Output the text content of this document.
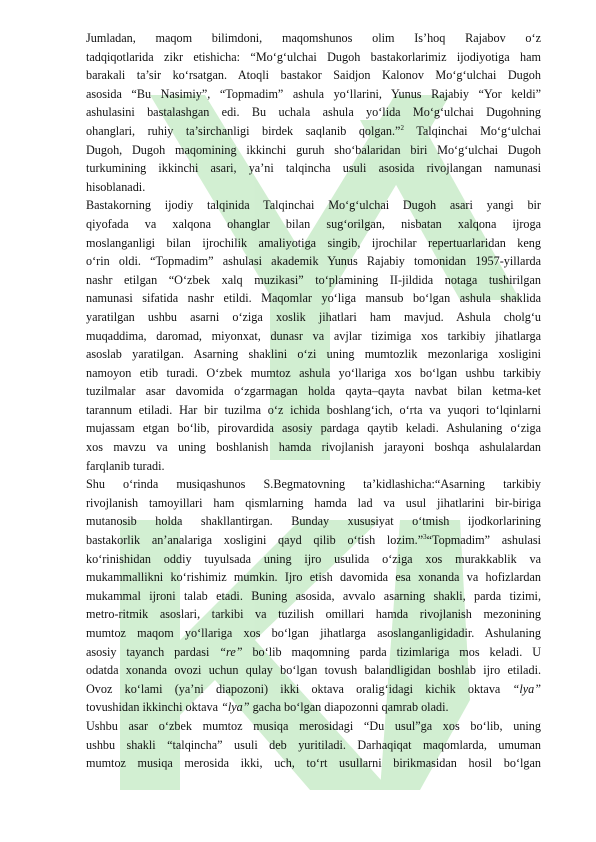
Jumladan, maqom bilimdoni, maqomshunos olim Is’hoq Rajabov o‘z
tadqiqotlarida zikr etishicha: “Mo‘g‘ulchai Dugoh bastakorlarimiz ijodiyotiga ham
barakali ta’sir ko‘rsatgan. Atoqli bastakor Saidjon Kalonov Mo‘g‘ulchai Dugoh
asosida “Bu Nasimiy”, “Topmadim” ashula yo‘llarini, Yunus Rajabiy “Yor keldi”
ashulasini bastalashgan edi. Bu uchala ashula yo‘lida Mo‘g‘ulchai Dugohning
ohanglari, ruhiy ta’sirchanligi birdek saqlanib qolgan.”$^2$ Talqinchai Mo‘g‘ulchai
Dugoh, Dugoh maqomining ikkinchi guruh sho‘balaridan biri Mo‘g‘ulchai Dugoh
turkumining ikkinchi asari, ya’ni talqincha usuli asosida rivojlangan namunasi
hisoblanadi.

Bastakorning ijodiy talqinida Talqinchai Mo‘g‘ulchai Dugoh asari yangi bir
qiyofada va xalqona ohanglar bilan sug‘orilgan, nisbatan xalqona ijroga
moslanganligi bilan ijrochilik amaliyotiga singib, ijrochilar repertuarlaridan keng
o‘rin oldi. “Topmadim” ashulasi akademik Yunus Rajabiy tomonidan 1957-yillarda
nashr etilgan “O‘zbek xalq muzikasi” to‘plamining II-jildida notaga tushirilgan
namunasi sifatida nashr etildi. Maqomlar yo‘liga mansub bo‘lgan ashula shaklida
yaratilgan ushbu asarni o‘ziga xoslik jihatlari ham mavjud. Ashula cholg‘u
muqaddima, daromad, miyonxat, dunasr va avjlar tizimiga xos tarkibiy jihatlarga
asoslab yaratilgan. Asarning shaklini o‘zi uning mumtozlik mezonlariga xosligini
namoyon etib turadi. O‘zbek mumtoz ashula yo‘llariga xos bo‘lgan ushbu tarkibiy
tuzilmalar asar davomida o‘zgarmagan holda qayta–qayta navbat bilan ketma-ket
tarannum etiladi. Har bir tuzilma o‘z ichida boshlang‘ich, o‘rta va yuqori to‘lqinlarni
mujassam etgan bo‘lib, pirovardida asosiy pardaga qaytib keladi. Ashulaning o‘ziga
xos mavzu va uning boshlanish hamda rivojlanish jarayoni boshqa ashulalardan
farqlanib turadi.

Shu o‘rinda musiqashunos S.Begmatovning ta’kidlashicha:“Asarning tarkibiy
rivojlanish tamoyillari ham qismlarning hamda lad va usul jihatlarini bir-biriga
mutanosib holda shakllantirgan. Bunday xususiyat o‘tmish ijodkorlarining
bastakorlik an’analariga xosligini qayd qilib o‘tish lozim.”$^3$“Topmadim” ashulasi
ko‘rinishidan oddiy tuyulsada uning ijro usulida o‘ziga xos murakkablik va
mukammallikni ko‘rishimiz mumkin. Ijro etish davomida esa xonanda va hofizlardan
mukammal ijroni talab etadi. Buning asosida, avvalo asarning shakli, parda tizimi,
metro-ritmik asoslari, tarkibi va tuzilish omillari hamda rivojlanish mezonining
mumtoz maqom yo‘llariga xos bo‘lgan jihatlarga asoslanganligidadir. Ashulaning
asosiy tayanch pardasi “re” bo‘lib maqomning parda tizimlariga mos keladi. U
odatda xonanda ovozi uchun qulay bo‘lgan tovush balandligidan boshlab ijro etiladi.
Ovoz ko‘lami (ya’ni diapozoni) ikki oktava oralig‘idagi kichik oktava “lya”
tovushidan ikkinchi oktava “lya” gacha bo‘lgan diapozonni qamrab oladi.

Ushbu asar o‘zbek mumtoz musiqa merosidagi “Du usul”ga xos bo‘lib, uning
ushbu shakli “talqincha” usuli deb yuritiladi. Darhaqiqat maqomlarda, umuman
mumtoz musiqa merosida ikki, uch, to‘rt usullarni birikmasidan hosil bo‘lgan
